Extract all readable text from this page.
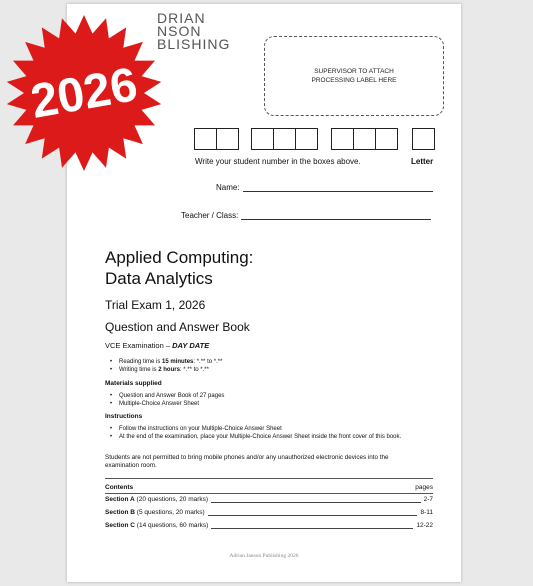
DRIAN
NSON
BLISHING
SUPERVISOR TO ATTACH PROCESSING LABEL HERE
Write your student number in the boxes above.	Letter
Name:
Teacher / Class:
Applied Computing:
Data Analytics
Trial Exam 1, 2026
Question and Answer Book
VCE Examination – DAY DATE
• Reading time is 15 minutes: *.** to *.**
• Writing time is 2 hours: *.** to *.**
Materials supplied
• Question and Answer Book of 27 pages
• Multiple-Choice Answer Sheet
Instructions
• Follow the instructions on your Multiple-Choice Answer Sheet
• At the end of the examination, place your Multiple-Choice Answer Sheet inside the front cover of this book.
Students are not permitted to bring mobile phones and/or any unauthorized electronic devices into the examination room.
Contents	pages
Section A (20 questions, 20 marks)	2-7
Section B (5 questions, 20 marks)	8-11
Section C (14 questions, 60 marks)	12-22
Adrian Janson Publishing 2026
2026
